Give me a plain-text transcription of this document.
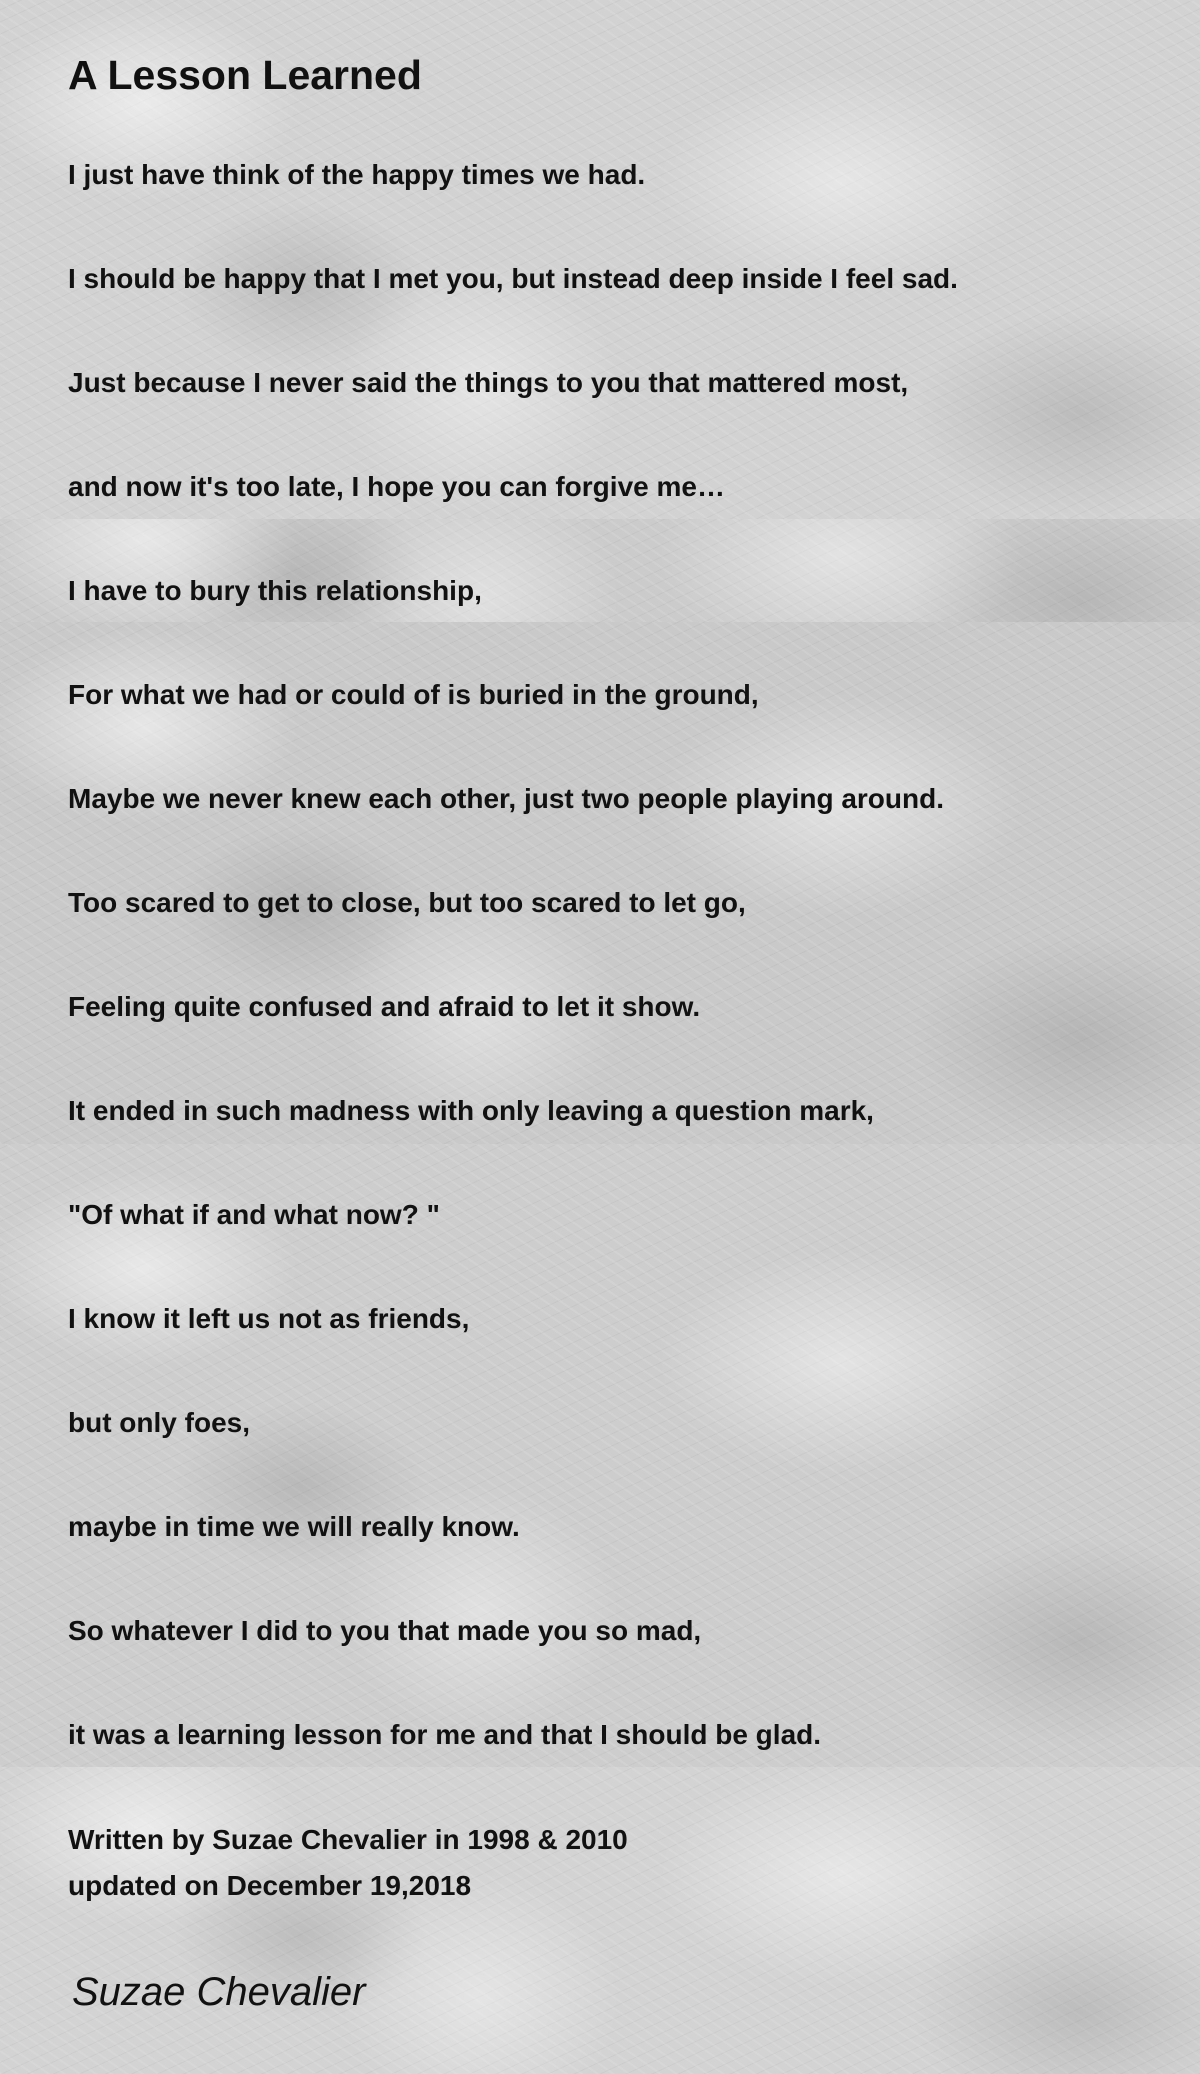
A Lesson Learned
I just have think of the happy times we had.
I should be happy that I met you, but instead deep inside I feel sad.
Just because I never said the things to you that mattered most,
and now it's too late, I hope you can forgive me…
I have to bury this relationship,
For what we had or could of is buried in the ground,
Maybe we never knew each other, just two people playing around.
Too scared to get to close, but too scared to let go,
Feeling quite confused and afraid to let it show.
It ended in such madness with only leaving a question mark,
"Of what if and what now? "
I know it left us not as friends,
but only foes,
maybe in time we will really know.
So whatever I did to you that made you so mad,
it was a learning lesson for me and that I should be glad.
Written by Suzae Chevalier in 1998 & 2010
updated on December 19,2018
Suzae Chevalier
